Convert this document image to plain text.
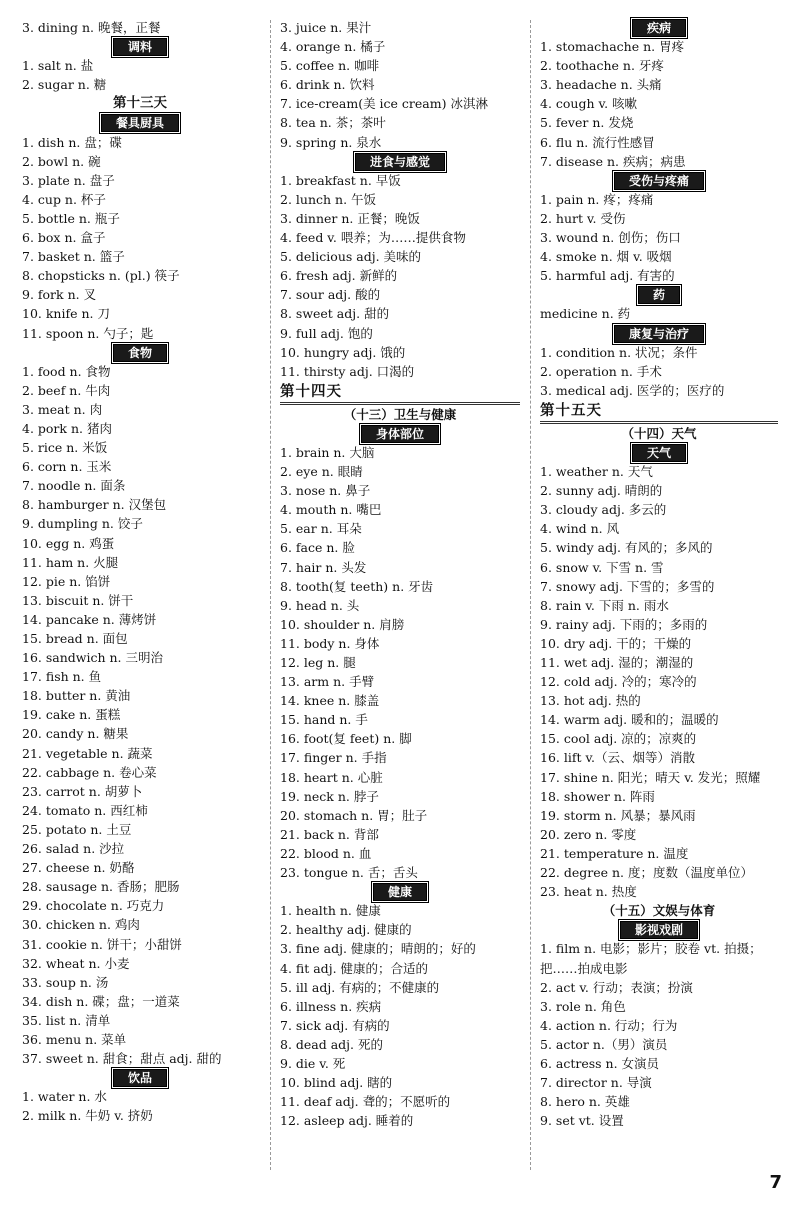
3. dining n. 晚餐，正餐
调料
1. salt n. 盐
2. sugar n. 糖
第十三天
餐具厨具
1. dish n. 盘；碟
2. bowl n. 碗
3. plate n. 盘子
4. cup n. 杯子
5. bottle n. 瓶子
6. box n. 盒子
7. basket n. 篮子
8. chopsticks n. (pl.) 筷子
9. fork n. 叉
10. knife n. 刀
11. spoon n. 勺子；匙
食物
1. food n. 食物
2. beef n. 牛肉
3. meat n. 肉
4. pork n. 猪肉
5. rice n. 米饭
6. corn n. 玉米
7. noodle n. 面条
8. hamburger n. 汉堡包
9. dumpling n. 饺子
10. egg n. 鸡蛋
11. ham n. 火腿
12. pie n. 馅饼
13. biscuit n. 饼干
14. pancake n. 薄烤饼
15. bread n. 面包
16. sandwich n. 三明治
17. fish n. 鱼
18. butter n. 黄油
19. cake n. 蛋糕
20. candy n. 糖果
21. vegetable n. 蔬菜
22. cabbage n. 卷心菜
23. carrot n. 胡萝卜
24. tomato n. 西红柿
25. potato n. 土豆
26. salad n. 沙拉
27. cheese n. 奶酪
28. sausage n. 香肠；肥肠
29. chocolate n. 巧克力
30. chicken n. 鸡肉
31. cookie n. 饼干；小甜饼
32. wheat n. 小麦
33. soup n. 汤
34. dish n. 碟；盘；一道菜
35. list n. 清单
36. menu n. 菜单
37. sweet n. 甜食；甜点 adj. 甜的
饮品
1. water n. 水
2. milk n. 牛奶 v. 挤奶
3. juice n. 果汁
4. orange n. 橘子
5. coffee n. 咖啡
6. drink n. 饮料
7. ice-cream(美 ice cream) 冰淇淋
8. tea n. 茶；茶叶
9. spring n. 泉水
进食与感觉
1. breakfast n. 早饭
2. lunch n. 午饭
3. dinner n. 正餐；晚饭
4. feed v. 喂养；为……提供食物
5. delicious adj. 美味的
6. fresh adj. 新鲜的
7. sour adj. 酸的
8. sweet adj. 甜的
9. full adj. 饱的
10. hungry adj. 饿的
11. thirsty adj. 口渴的
第十四天
（十三）卫生与健康
身体部位
1. brain n. 大脑
2. eye n. 眼睛
3. nose n. 鼻子
4. mouth n. 嘴巴
5. ear n. 耳朵
6. face n. 脸
7. hair n. 头发
8. tooth(复 teeth) n. 牙齿
9. head n. 头
10. shoulder n. 肩膀
11. body n. 身体
12. leg n. 腿
13. arm n. 手臂
14. knee n. 膝盖
15. hand n. 手
16. foot(复 feet) n. 脚
17. finger n. 手指
18. heart n. 心脏
19. neck n. 脖子
20. stomach n. 胃；肚子
21. back n. 背部
22. blood n. 血
23. tongue n. 舌；舌头
健康
1. health n. 健康
2. healthy adj. 健康的
3. fine adj. 健康的；晴朗的；好的
4. fit adj. 健康的；合适的
5. ill adj. 有病的；不健康的
6. illness n. 疾病
7. sick adj. 有病的
8. dead adj. 死的
9. die v. 死
10. blind adj. 瞎的
11. deaf adj. 聋的；不愿听的
12. asleep adj. 睡着的
疾病
1. stomachache n. 胃疼
2. toothache n. 牙疼
3. headache n. 头痛
4. cough v. 咳嗽
5. fever n. 发烧
6. flu n. 流行性感冒
7. disease n. 疾病；病患
受伤与疼痛
1. pain n. 疼；疼痛
2. hurt v. 受伤
3. wound n. 创伤；伤口
4. smoke n. 烟 v. 吸烟
5. harmful adj. 有害的
药
medicine n. 药
康复与治疗
1. condition n. 状况；条件
2. operation n. 手术
3. medical adj. 医学的；医疗的
第十五天
（十四）天气
天气
1. weather n. 天气
2. sunny adj. 晴朗的
3. cloudy adj. 多云的
4. wind n. 风
5. windy adj. 有风的；多风的
6. snow v. 下雪 n. 雪
7. snowy adj. 下雪的；多雪的
8. rain v. 下雨 n. 雨水
9. rainy adj. 下雨的；多雨的
10. dry adj. 干的；干燥的
11. wet adj. 湿的；潮湿的
12. cold adj. 冷的；寒冷的
13. hot adj. 热的
14. warm adj. 暖和的；温暖的
15. cool adj. 凉的；凉爽的
16. lift v.（云、烟等）消散
17. shine n. 阳光；晴天 v. 发光；照耀
18. shower n. 阵雨
19. storm n. 风暴；暴风雨
20. zero n. 零度
21. temperature n. 温度
22. degree n. 度；度数（温度单位）
23. heat n. 热度
（十五）文娱与体育
影视戏剧
1. film n. 电影；影片；胶卷 vt. 拍摄；把……拍成电影
2. act v. 行动；表演；扮演
3. role n. 角色
4. action n. 行动；行为
5. actor n.（男）演员
6. actress n. 女演员
7. director n. 导演
8. hero n. 英雄
9. set vt. 设置
7
